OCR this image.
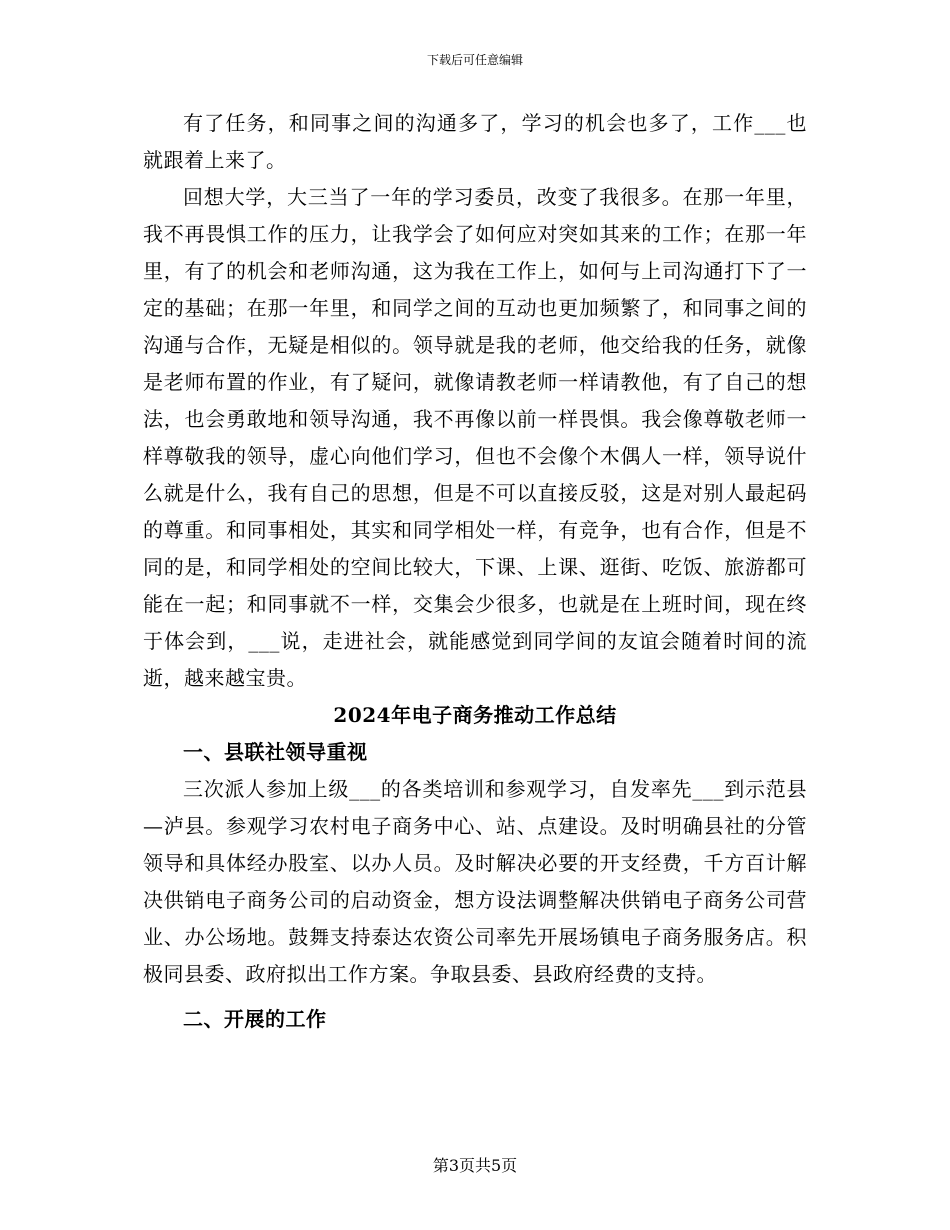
下载后可任意编辑

有了任务，和同事之间的沟通多了，学习的机会也多了，工作___也就跟着上来了。

回想大学，大三当了一年的学习委员，改变了我很多。在那一年里，我不再畏惧工作的压力，让我学会了如何应对突如其来的工作；在那一年里，有了的机会和老师沟通，这为我在工作上，如何与上司沟通打下了一定的基础；在那一年里，和同学之间的互动也更加频繁了，和同事之间的沟通与合作，无疑是相似的。领导就是我的老师，他交给我的任务，就像是老师布置的作业，有了疑问，就像请教老师一样请教他，有了自己的想法，也会勇敢地和领导沟通，我不再像以前一样畏惧。我会像尊敬老师一样尊敬我的领导，虚心向他们学习，但也不会像个木偶人一样，领导说什么就是什么，我有自己的思想，但是不可以直接反驳，这是对别人最起码的尊重。和同事相处，其实和同学相处一样，有竞争，也有合作，但是不同的是，和同学相处的空间比较大，下课、上课、逛街、吃饭、旅游都可能在一起；和同事就不一样，交集会少很多，也就是在上班时间，现在终于体会到，___说，走进社会，就能感觉到同学间的友谊会随着时间的流逝，越来越宝贵。

2024年电子商务推动工作总结
一、县联社领导重视

三次派人参加上级___的各类培训和参观学习，自发率先___到示范县—泸县。参观学习农村电子商务中心、站、点建设。及时明确县社的分管领导和具体经办股室、以办人员。及时解决必要的开支经费，千方百计解决供销电子商务公司的启动资金，想方设法调整解决供销电子商务公司营业、办公场地。鼓舞支持泰达农资公司率先开展场镇电子商务服务店。积极同县委、政府拟出工作方案。争取县委、县政府经费的支持。

二、开展的工作
第3页共5页
